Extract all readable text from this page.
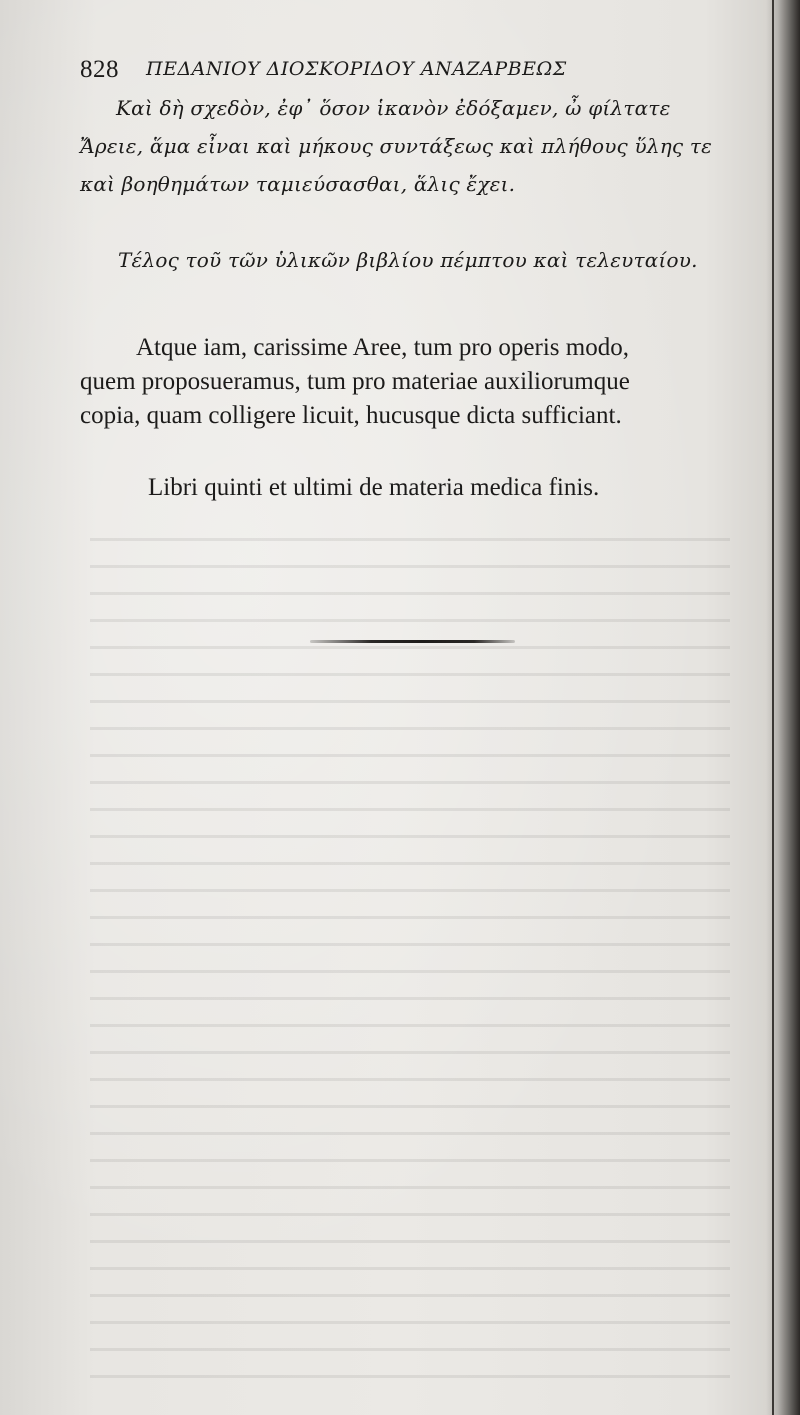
828 ΠΕΔΑΝΙΟΥ ΔΙΟΣΚΟΡΙΔΟΥ ΑΝΑΖΑΡΒΕΩΣ
Καὶ δὴ σχεδὸν, ἐφ᾽ ὅσον ἱκανὸν ἐδόξαμεν, ὦ φίλτατε
Ἄρειε, ἅμα εἶναι καὶ μήκους συντάξεως καὶ πλήθους ὕλης τε
καὶ βοηθημάτων ταμιεύσασθαι, ἅλις ἔχει.
Τέλος τοῦ τῶν ὑλικῶν βιβλίου πέμπτου καὶ τελευταίου.
Atque iam, carissime Aree, tum pro operis modo,
quem proposueramus, tum pro materiae auxiliorumque
copia, quam colligere licuit, hucusque dicta sufficiant.
Libri quinti et ultimi de materia medica finis.
